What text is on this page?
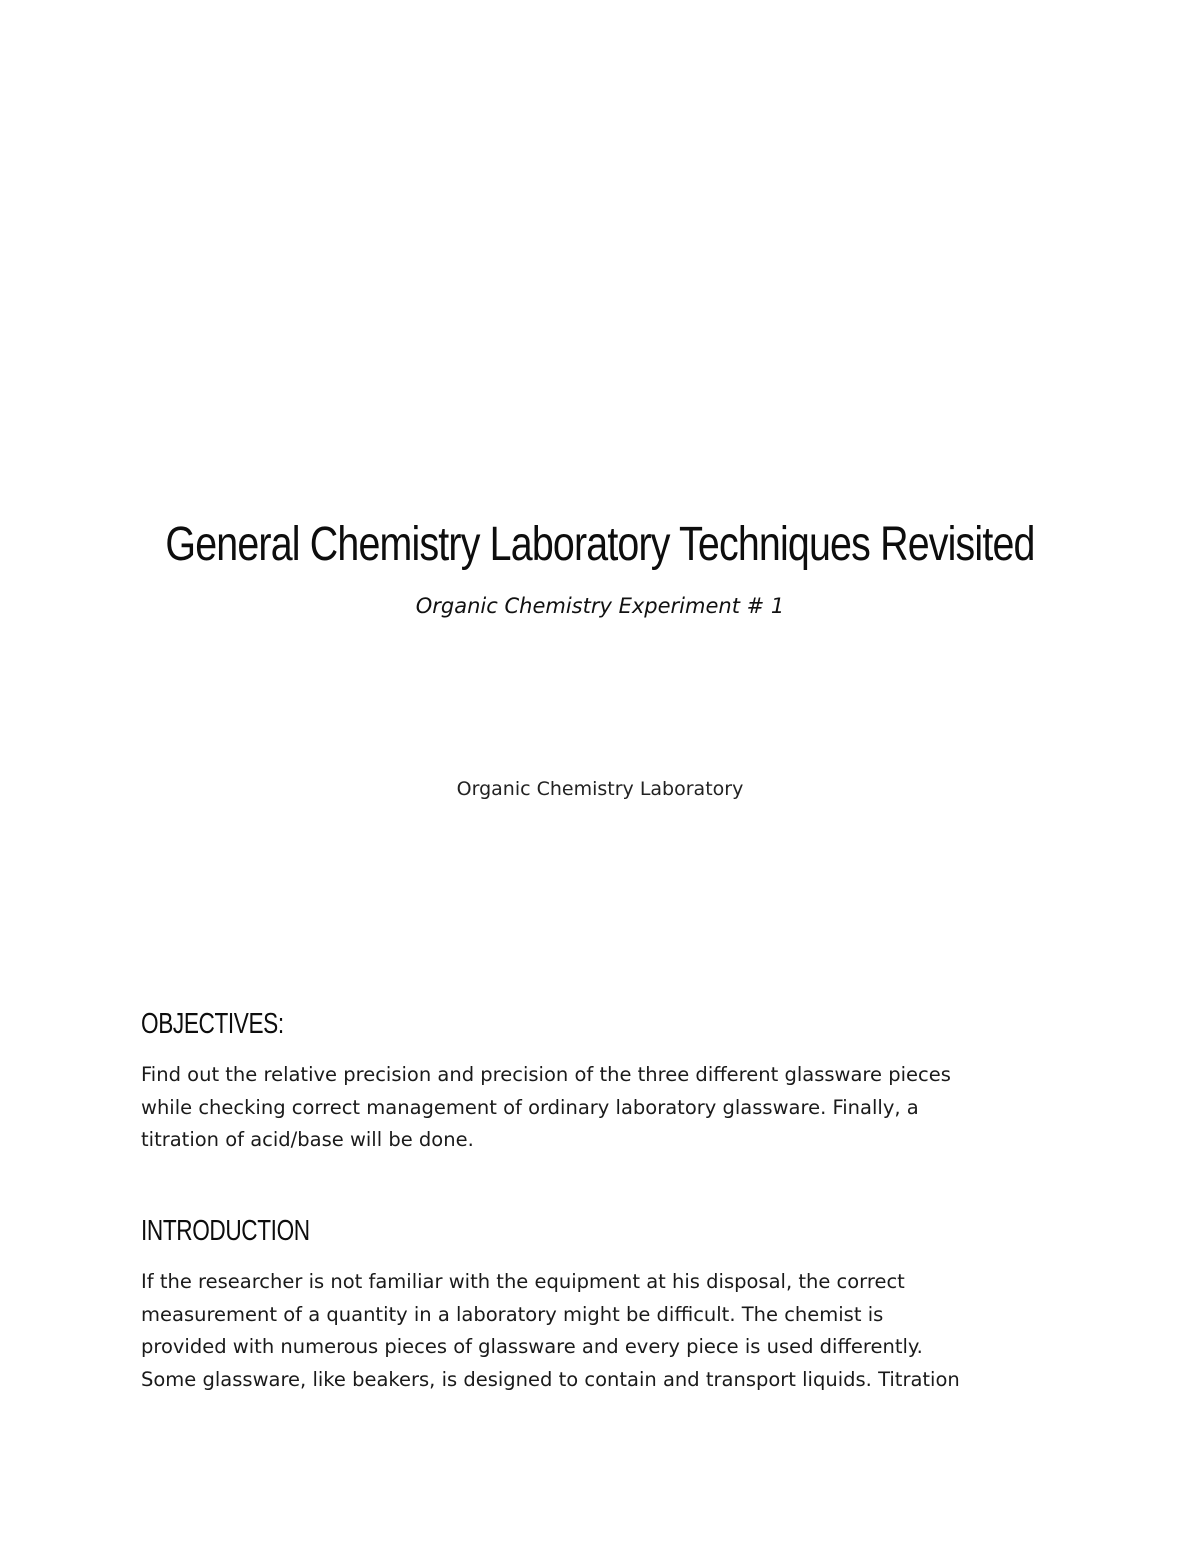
General Chemistry Laboratory Techniques Revisited

Organic Chemistry Experiment # 1

Organic Chemistry Laboratory

OBJECTIVES:

Find out the relative precision and precision of the three different glassware pieces
while checking correct management of ordinary laboratory glassware. Finally, a
titration of acid/base will be done.

INTRODUCTION

If the researcher is not familiar with the equipment at his disposal, the correct
measurement of a quantity in a laboratory might be difficult. The chemist is
provided with numerous pieces of glassware and every piece is used differently.
Some glassware, like beakers, is designed to contain and transport liquids. Titration
